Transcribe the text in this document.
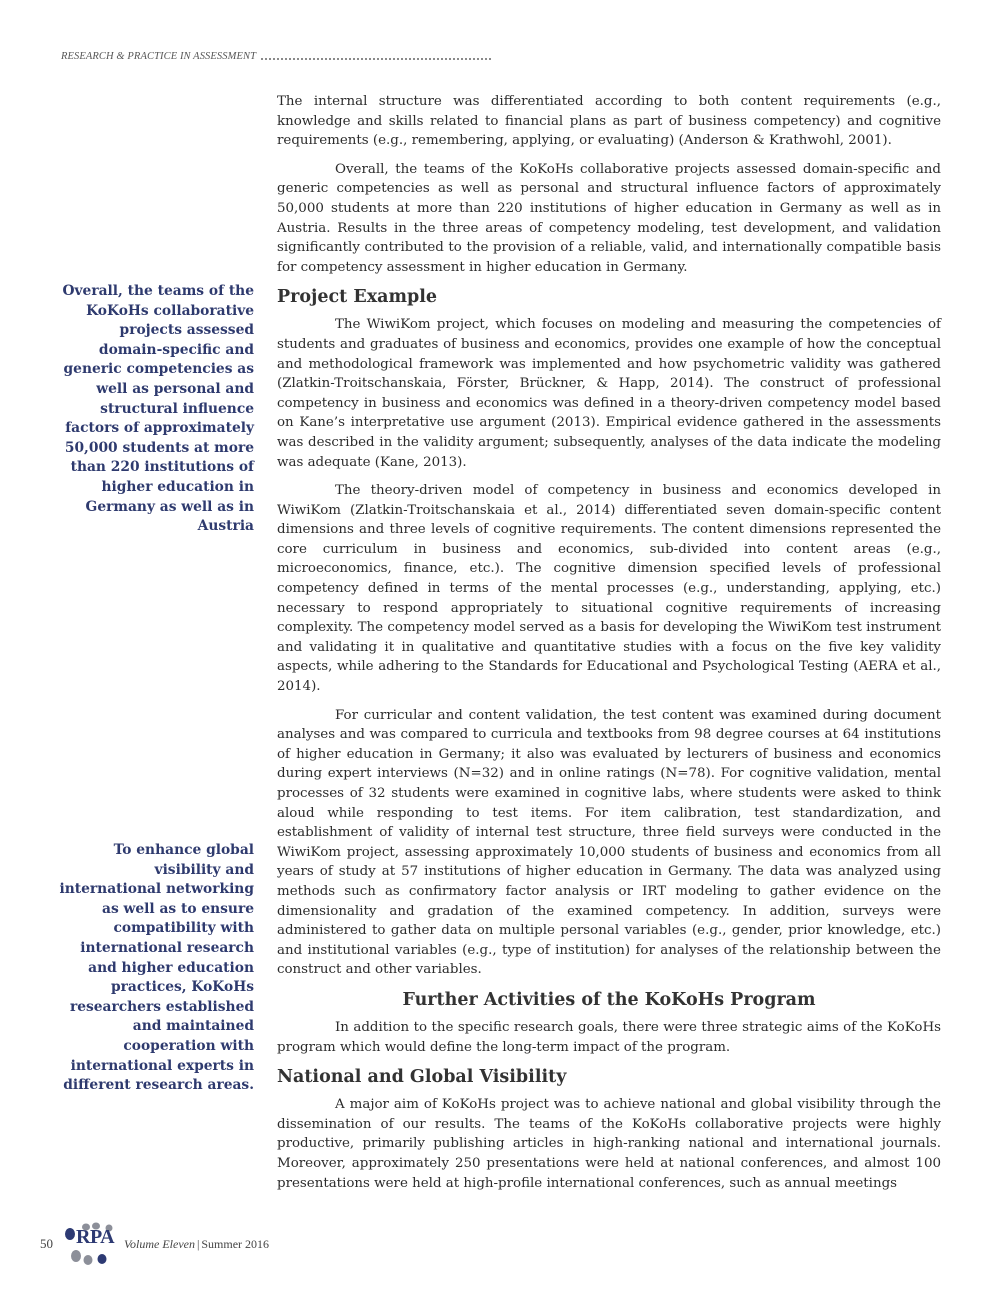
RESEARCH & PRACTICE IN ASSESSMENT
Overall, the teams of the KoKoHs collaborative projects assessed domain-specific and generic competencies as well as personal and structural influence factors of approximately 50,000 students at more than 220 institutions of higher education in Germany as well as in Austria
To enhance global visibility and international networking as well as to ensure compatibility with international research and higher education practices, KoKoHs researchers established and maintained cooperation with international experts in different research areas.

The internal structure was differentiated according to both content requirements (e.g., knowledge and skills related to financial plans as part of business competency) and cognitive requirements (e.g., remembering, applying, or evaluating) (Anderson & Krathwohl, 2001).

Overall, the teams of the KoKoHs collaborative projects assessed domain-specific and generic competencies as well as personal and structural influence factors of approximately 50,000 students at more than 220 institutions of higher education in Germany as well as in Austria. Results in the three areas of competency modeling, test development, and validation significantly contributed to the provision of a reliable, valid, and internationally compatible basis for competency assessment in higher education in Germany.

Project Example

The WiwiKom project, which focuses on modeling and measuring the competencies of students and graduates of business and economics, provides one example of how the conceptual and methodological framework was implemented and how psychometric validity was gathered (Zlatkin-Troitschanskaia, Förster, Brückner, & Happ, 2014). The construct of professional competency in business and economics was defined in a theory-driven competency model based on Kane’s interpretative use argument (2013). Empirical evidence gathered in the assessments was described in the validity argument; subsequently, analyses of the data indicate the modeling was adequate (Kane, 2013).

The theory-driven model of competency in business and economics developed in WiwiKom (Zlatkin-Troitschanskaia et al., 2014) differentiated seven domain-specific content dimensions and three levels of cognitive requirements. The content dimensions represented the core curriculum in business and economics, sub-divided into content areas (e.g., microeconomics, finance, etc.). The cognitive dimension specified levels of professional competency defined in terms of the mental processes (e.g., understanding, applying, etc.) necessary to respond appropriately to situational cognitive requirements of increasing complexity. The competency model served as a basis for developing the WiwiKom test instrument and validating it in qualitative and quantitative studies with a focus on the five key validity aspects, while adhering to the Standards for Educational and Psychological Testing (AERA et al., 2014).

For curricular and content validation, the test content was examined during document analyses and was compared to curricula and textbooks from 98 degree courses at 64 institutions of higher education in Germany; it also was evaluated by lecturers of business and economics during expert interviews (N=32) and in online ratings (N=78). For cognitive validation, mental processes of 32 students were examined in cognitive labs, where students were asked to think aloud while responding to test items. For item calibration, test standardization, and establishment of validity of internal test structure, three field surveys were conducted in the WiwiKom project, assessing approximately 10,000 students of business and economics from all years of study at 57 institutions of higher education in Germany. The data was analyzed using methods such as confirmatory factor analysis or IRT modeling to gather evidence on the dimensionality and gradation of the examined competency. In addition, surveys were administered to gather data on multiple personal variables (e.g., gender, prior knowledge, etc.) and institutional variables (e.g., type of institution) for analyses of the relationship between the construct and other variables.

Further Activities of the KoKoHs Program

In addition to the specific research goals, there were three strategic aims of the KoKoHs program which would define the long-term impact of the program.

National and Global Visibility

A major aim of KoKoHs project was to achieve national and global visibility through the dissemination of our results. The teams of the KoKoHs collaborative projects were highly productive, primarily publishing articles in high-ranking national and international journals. Moreover, approximately 250 presentations were held at national conferences, and almost 100 presentations were held at high-profile international conferences, such as annual meetings

50	RPA Volume Eleven | Summer 2016
